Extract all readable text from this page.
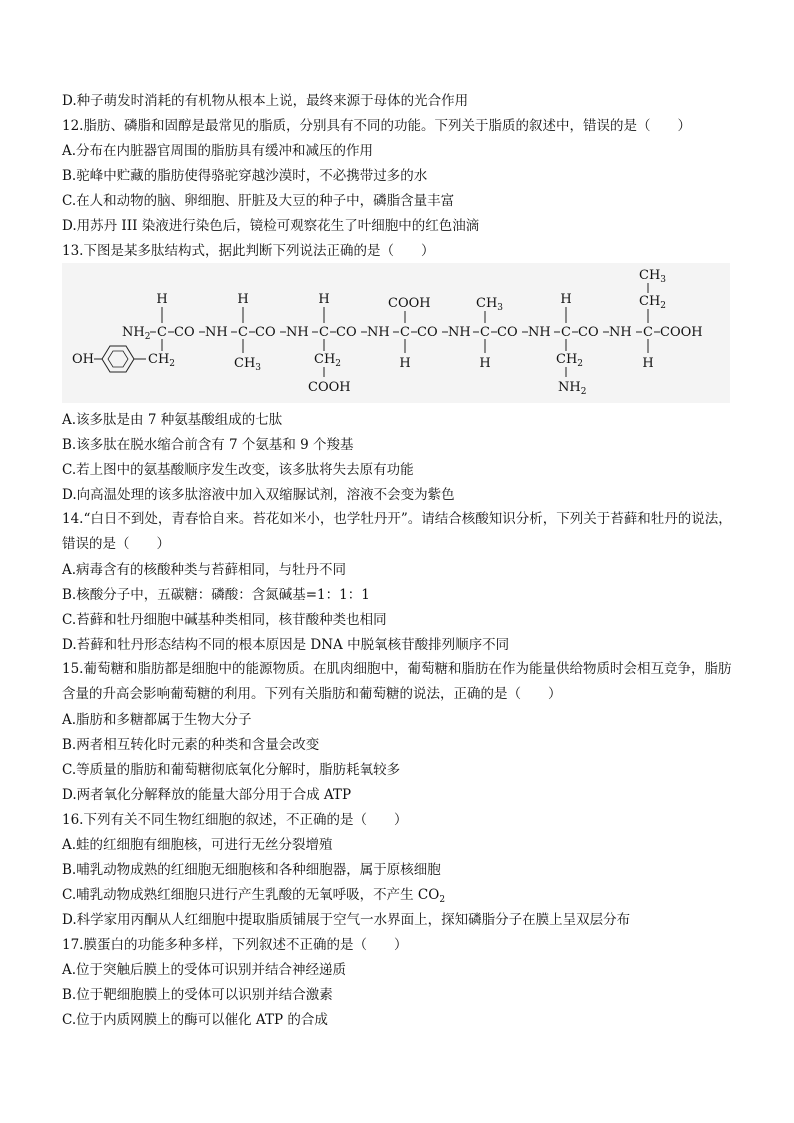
D.种子萌发时消耗的有机物从根本上说，最终来源于母体的光合作用
12.脂肪、磷脂和固醇是最常见的脂质，分别具有不同的功能。下列关于脂质的叙述中，错误的是（　　）
A.分布在内脏器官周围的脂肪具有缓冲和减压的作用
B.驼峰中贮藏的脂肪使得骆驼穿越沙漠时，不必携带过多的水
C.在人和动物的脑、卵细胞、肝脏及大豆的种子中，磷脂含量丰富
D.用苏丹 III 染液进行染色后，镜检可观察花生了叶细胞中的红色油滴
13.下图是某多肽结构式，据此判断下列说法正确的是（　　）
H
$NH_2$ C CO
$CH_2$
OH
NH
H
C CO
$CH_3$
NH
H
C CO
$CH_2$
COOH
NH
COOH
C CO
H
NH
$CH_3$
C CO
H
NH
H
C CO
$CH_2$
$NH_2$
NH
$CH_3$
$CH_2$
C COOH
H
A.该多肽是由 7 种氨基酸组成的七肽
B.该多肽在脱水缩合前含有 7 个氨基和 9 个羧基
C.若上图中的氨基酸顺序发生改变，该多肽将失去原有功能
D.向高温处理的该多肽溶液中加入双缩脲试剂，溶液不会变为紫色
14.“白日不到处，青春恰自来。苔花如米小，也学牡丹开”。请结合核酸知识分析，下列关于苔藓和牡丹的说法，错误的是（　　）
A.病毒含有的核酸种类与苔藓相同，与牡丹不同
B.核酸分子中，五碳糖：磷酸：含氮碱基=1：1：1
C.苔藓和牡丹细胞中碱基种类相同，核苷酸种类也相同
D.苔藓和牡丹形态结构不同的根本原因是 DNA 中脱氧核苷酸排列顺序不同
15.葡萄糖和脂肪都是细胞中的能源物质。在肌肉细胞中，葡萄糖和脂肪在作为能量供给物质时会相互竞争，脂肪含量的升高会影响葡萄糖的利用。下列有关脂肪和葡萄糖的说法，正确的是（　　）
A.脂肪和多糖都属于生物大分子
B.两者相互转化时元素的种类和含量会改变
C.等质量的脂肪和葡萄糖彻底氧化分解时，脂肪耗氧较多
D.两者氧化分解释放的能量大部分用于合成 ATP
16.下列有关不同生物红细胞的叙述，不正确的是（　　）
A.蛙的红细胞有细胞核，可进行无丝分裂增殖
B.哺乳动物成熟的红细胞无细胞核和各种细胞器，属于原核细胞
C.哺乳动物成熟红细胞只进行产生乳酸的无氧呼吸，不产生 $CO_2$
D.科学家用丙酮从人红细胞中提取脂质铺展于空气一水界面上，探知磷脂分子在膜上呈双层分布
17.膜蛋白的功能多种多样，下列叙述不正确的是（　　）
A.位于突触后膜上的受体可识别并结合神经递质
B.位于靶细胞膜上的受体可以识别并结合激素
C.位于内质网膜上的酶可以催化 ATP 的合成
